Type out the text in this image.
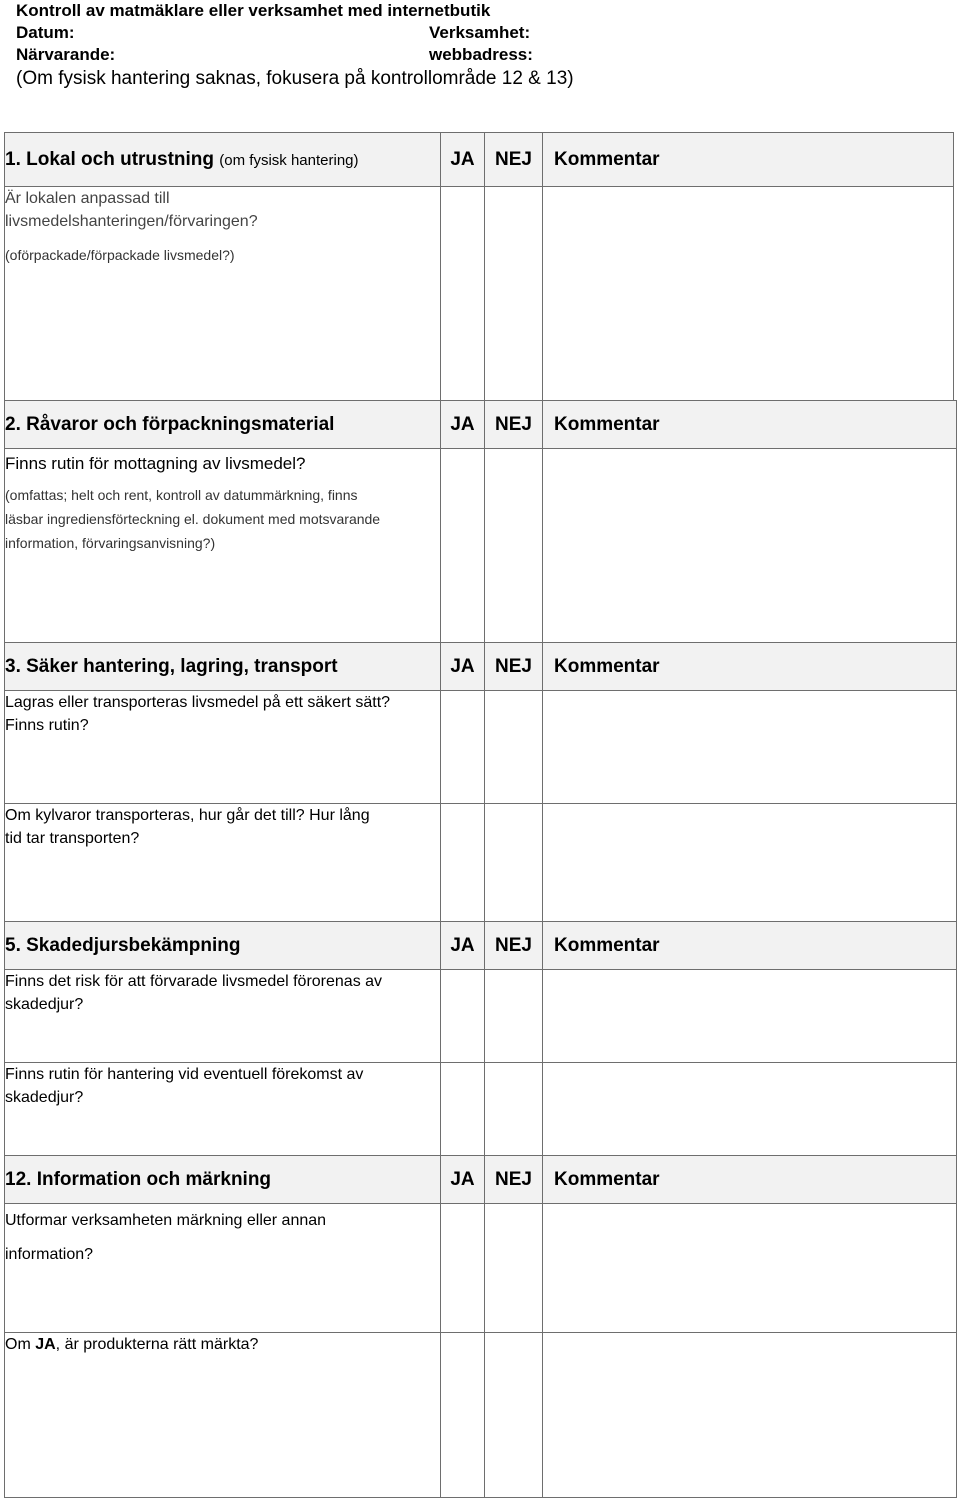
Kontroll av matmäklare eller verksamhet med internetbutik
Datum:	Verksamhet:
Närvarande:	webbadress:
(Om fysisk hantering saknas, fokusera på kontrollområde 12 & 13)
1. Lokal och utrustning (om fysisk hantering)	JA	NEJ	Kommentar

Är lokalen anpassad till
livsmedelshanteringen/förvaringen?
(oförpackade/förpackade livsmedel?)			

2. Råvaror och förpackningsmaterial	JA	NEJ	Kommentar

Finns rutin för mottagning av livsmedel?
(omfattas; helt och rent, kontroll av datummärkning, finns
läsbar ingrediensförteckning el. dokument med motsvarande
information, förvaringsanvisning?)			

3. Säker hantering, lagring, transport	JA	NEJ	Kommentar

Lagras eller transporteras livsmedel på ett säkert sätt?
Finns rutin?			

Om kylvaror transporteras, hur går det till? Hur lång
tid tar transporten?			

5. Skadedjursbekämpning	JA	NEJ	Kommentar

Finns det risk för att förvarade livsmedel förorenas av
skadedjur?			

Finns rutin för hantering vid eventuell förekomst av
skadedjur?			

12. Information och märkning	JA	NEJ	Kommentar

Utformar verksamheten märkning eller annan
information?			

Om JA, är produkterna rätt märkta?			
